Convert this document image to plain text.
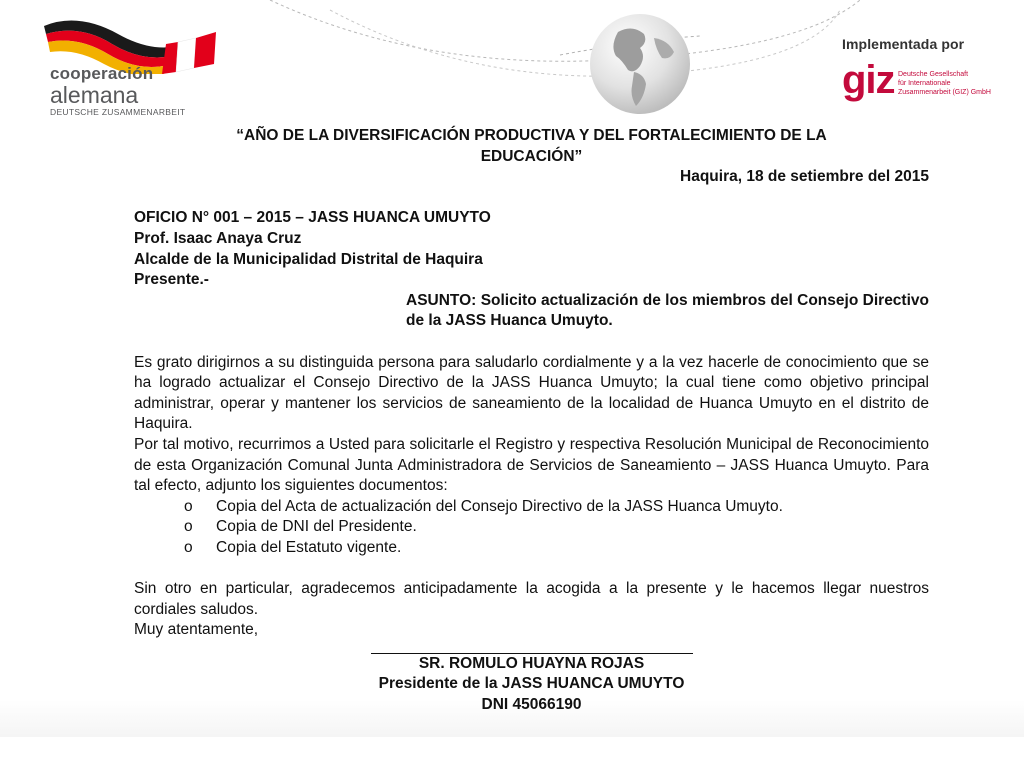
cooperación
alemana
DEUTSCHE ZUSAMMENARBEIT
Implementada por
giz Deutsche Gesellschaft
für Internationale
Zusammenarbeit (GIZ) GmbH
“AÑO DE LA DIVERSIFICACIÓN PRODUCTIVA Y DEL FORTALECIMIENTO DE LA
EDUCACIÓN”
Haquira, 18 de setiembre del 2015
OFICIO N° 001 – 2015 – JASS HUANCA UMUYTO
Prof. Isaac Anaya Cruz
Alcalde de la Municipalidad Distrital de Haquira
Presente.-
ASUNTO: Solicito actualización de los miembros del Consejo Directivo de la JASS Huanca Umuyto.
Es grato dirigirnos a su distinguida persona para saludarlo cordialmente y a la vez hacerle de conocimiento que se ha logrado actualizar el Consejo Directivo de la JASS Huanca Umuyto; la cual tiene como objetivo principal administrar, operar y mantener los servicios de saneamiento de la localidad de Huanca Umuyto en el distrito de Haquira.
Por tal motivo, recurrimos a Usted para solicitarle el Registro y respectiva Resolución Municipal de Reconocimiento de esta Organización Comunal Junta Administradora de Servicios de Saneamiento – JASS Huanca Umuyto. Para tal efecto, adjunto los siguientes documentos:
o Copia del Acta de actualización del Consejo Directivo de la JASS Huanca Umuyto.
o Copia de DNI del Presidente.
o Copia del Estatuto vigente.
Sin otro en particular, agradecemos anticipadamente la acogida a la presente y le hacemos llegar nuestros cordiales saludos.
Muy atentamente,
SR. ROMULO HUAYNA ROJAS
Presidente de la JASS HUANCA UMUYTO
DNI 45066190
